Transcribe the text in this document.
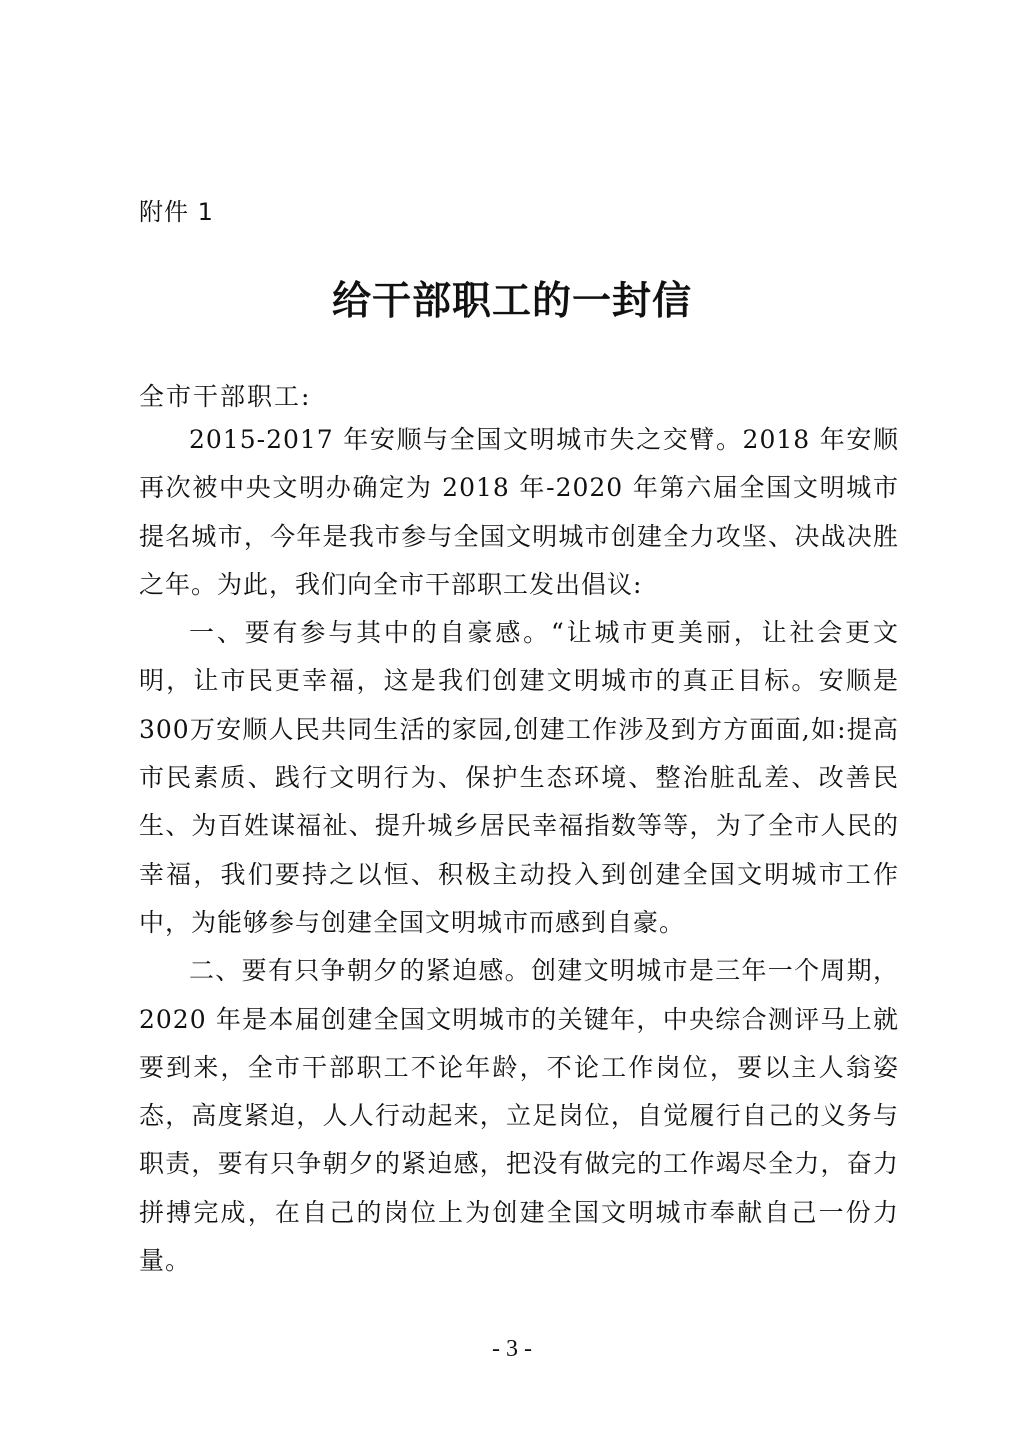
附件 1
给干部职工的一封信
全市干部职工:

2015-2017 年安顺与全国文明城市失之交臂。2018 年安顺再次被中央文明办确定为 2018 年-2020 年第六届全国文明城市提名城市，今年是我市参与全国文明城市创建全力攻坚、决战决胜之年。为此，我们向全市干部职工发出倡议:

一、要有参与其中的自豪感。“让城市更美丽，让社会更文明，让市民更幸福，这是我们创建文明城市的真正目标。安顺是300万安顺人民共同生活的家园,创建工作涉及到方方面面,如:提高市民素质、践行文明行为、保护生态环境、整治脏乱差、改善民生、为百姓谋福祉、提升城乡居民幸福指数等等，为了全市人民的幸福，我们要持之以恒、积极主动投入到创建全国文明城市工作中，为能够参与创建全国文明城市而感到自豪。

二、要有只争朝夕的紧迫感。创建文明城市是三年一个周期，2020 年是本届创建全国文明城市的关键年，中央综合测评马上就要到来，全市干部职工不论年龄，不论工作岗位，要以主人翁姿态，高度紧迫，人人行动起来，立足岗位，自觉履行自己的义务与职责，要有只争朝夕的紧迫感，把没有做完的工作竭尽全力，奋力拼搏完成，在自己的岗位上为创建全国文明城市奉献自己一份力量。

- 3 -
